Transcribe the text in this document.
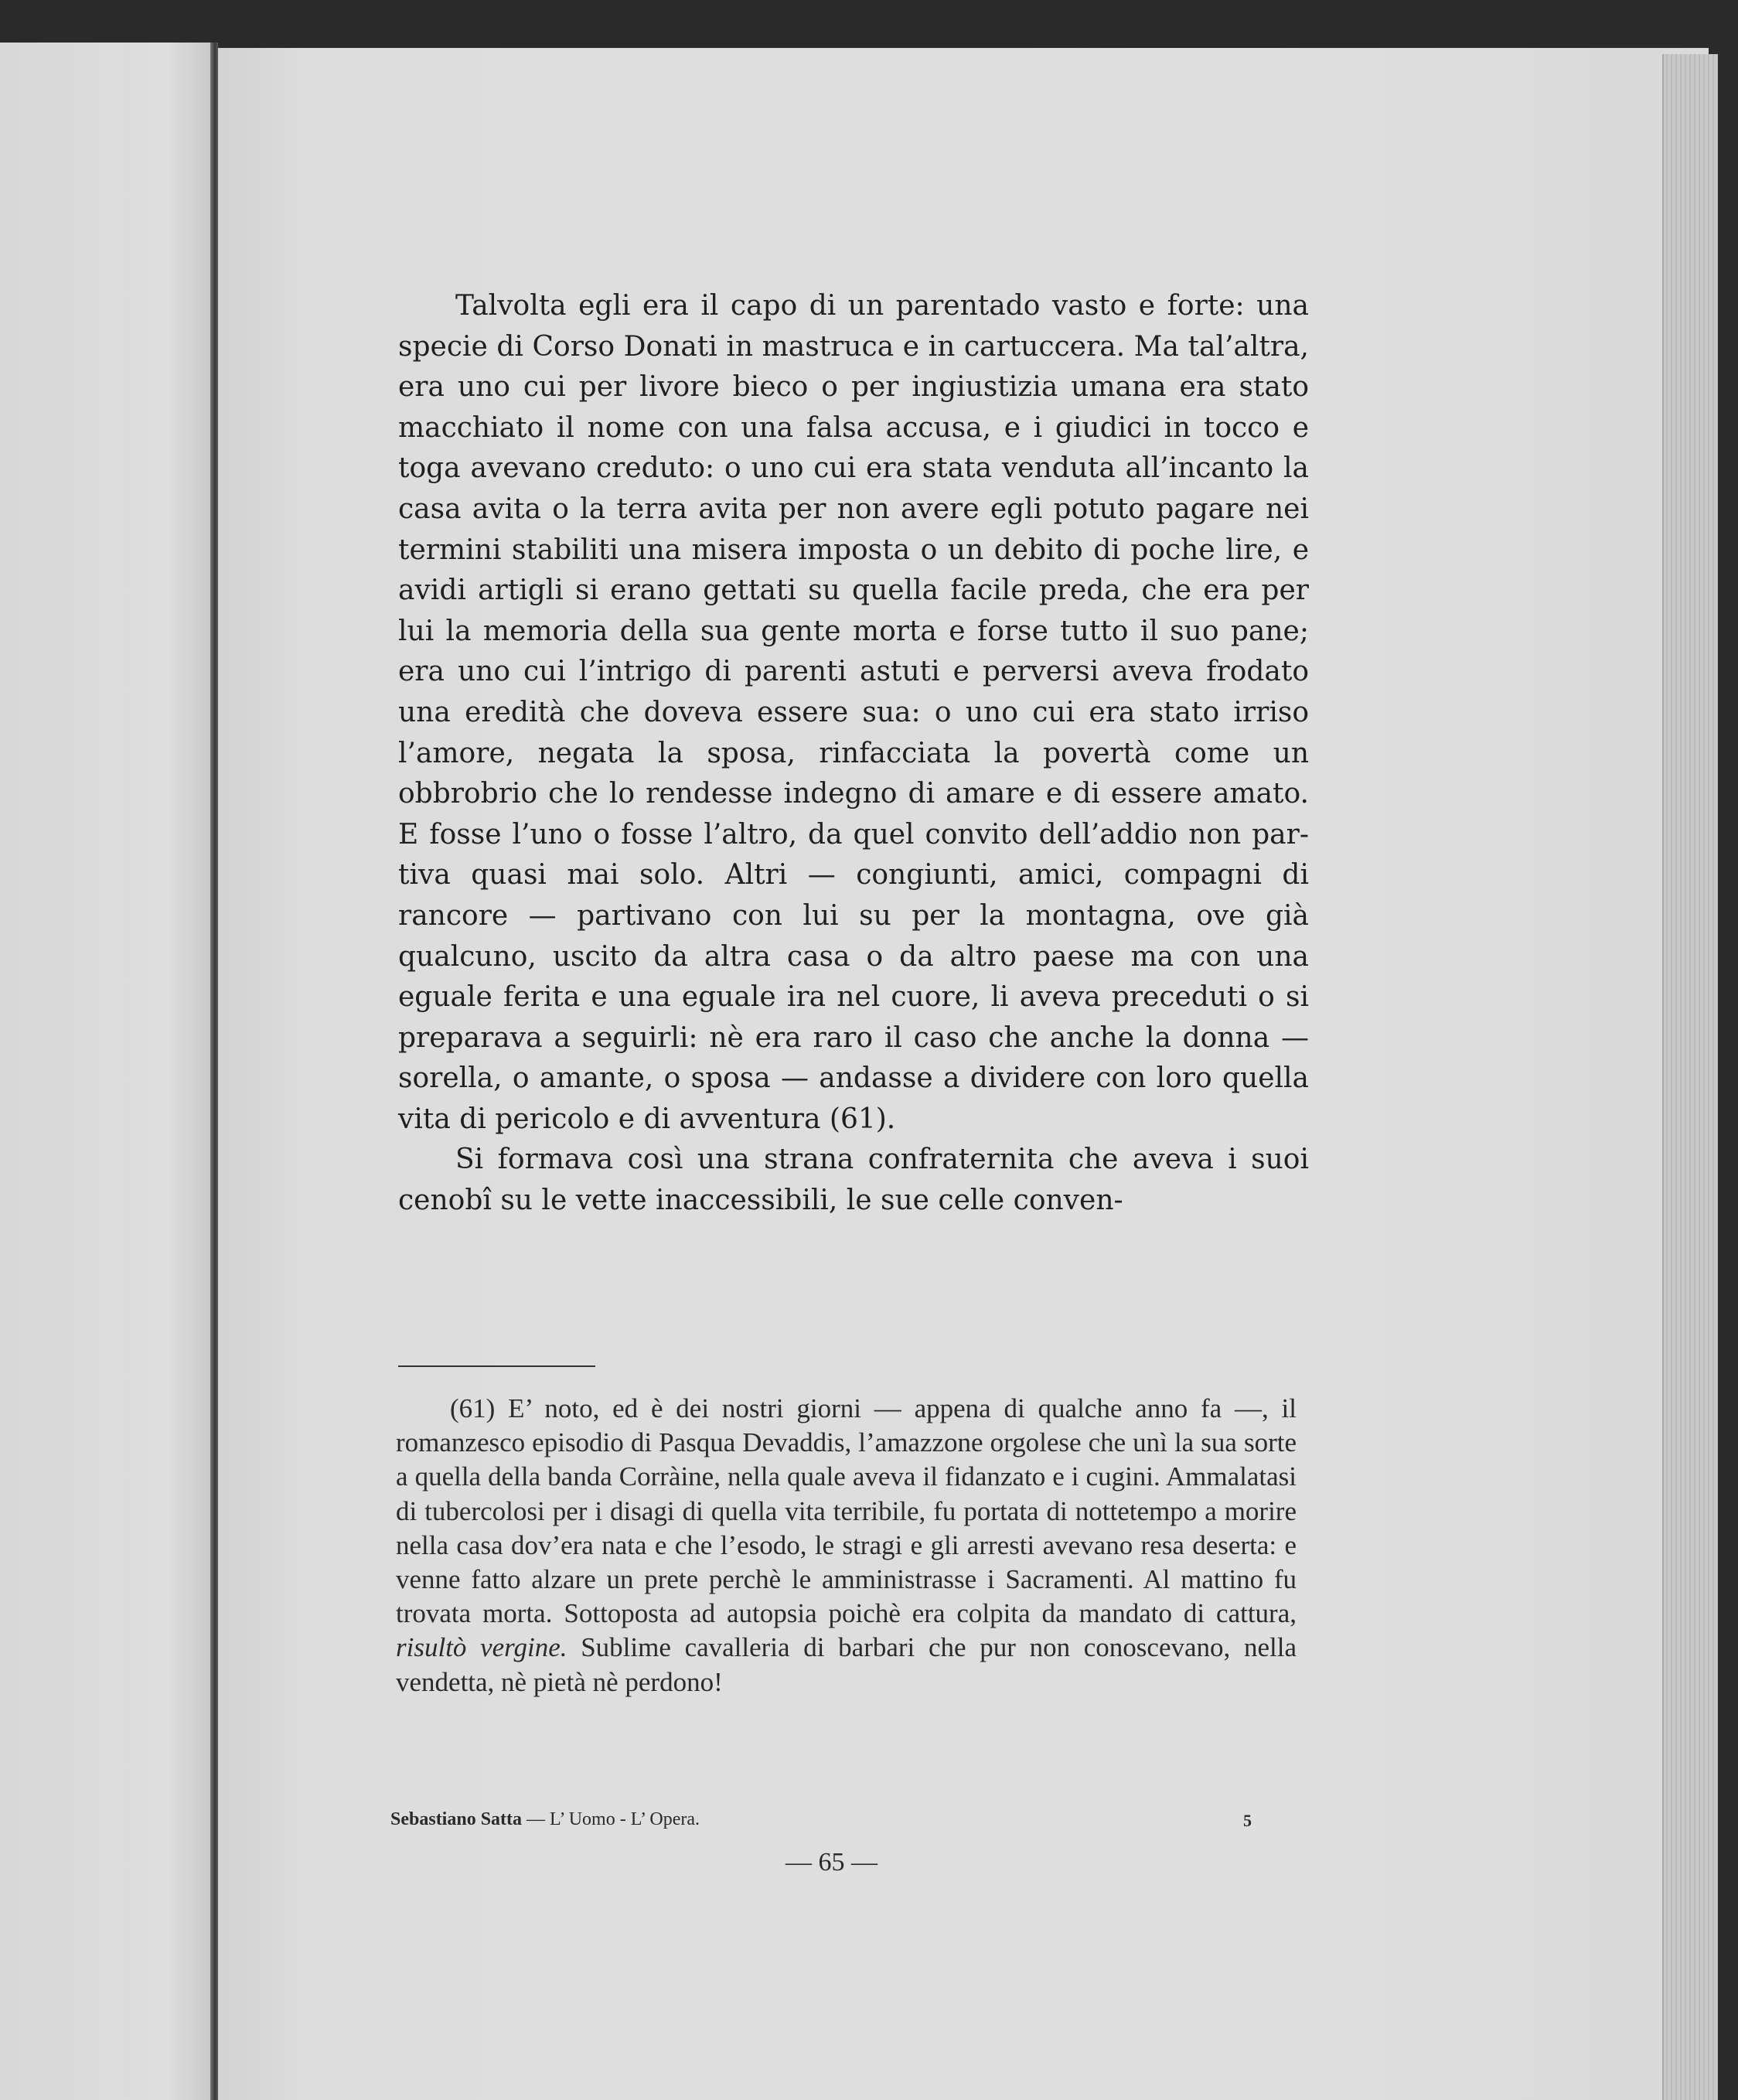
Talvolta egli era il capo di un parentado vasto e forte: una specie di Corso Donati in mastruca e in cartuccera. Ma tal’altra, era uno cui per livore bieco o per ingiustizia umana era stato macchiato il nome con una falsa accusa, e i giudici in tocco e toga avevano creduto: o uno cui era stata venduta all’incanto la casa avita o la terra avita per non avere egli potuto pagare nei termini stabiliti una misera imposta o un debito di poche lire, e avidi artigli si erano gettati su quella facile preda, che era per lui la memoria della sua gente morta e forse tutto il suo pane; era uno cui l’intrigo di parenti astuti e perversi aveva frodato una eredità che doveva essere sua: o uno cui era stato irriso l’amore, negata la sposa, rinfacciata la povertà come un obbrobrio che lo rendesse indegno di amare e di essere amato. E fosse l’uno o fosse l’altro, da quel convito dell’addio non partiva quasi mai solo. Altri — congiunti, amici, compagni di rancore — partivano con lui su per la montagna, ove già qualcuno, uscito da altra casa o da altro paese ma con una eguale ferita e una eguale ira nel cuore, li aveva preceduti o si preparava a seguirli: nè era raro il caso che anche la donna — sorella, o amante, o sposa — andasse a dividere con loro quella vita di pericolo e di avventura (61).

Si formava così una strana confraternita che aveva i suoi cenobî su le vette inaccessibili, le sue celle conven-

(61) E’ noto, ed è dei nostri giorni — appena di qualche anno fa —, il romanzesco episodio di Pasqua Devaddis, l’amazzone orgolese che unì la sua sorte a quella della banda Corràine, nella quale aveva il fidanzato e i cugini. Ammalatasi di tubercolosi per i disagi di quella vita terribile, fu portata di nottetempo a morire nella casa dov’era nata e che l’esodo, le stragi e gli arresti avevano resa deserta: e venne fatto alzare un prete perchè le amministrasse i Sacramenti. Al mattino fu trovata morta. Sottoposta ad autopsia poichè era colpita da mandato di cattura, risultò vergine. Sublime cavalleria di barbari che pur non conoscevano, nella vendetta, nè pietà nè perdono!

Sebastiano Satta — L’ Uomo - L’ Opera.	5
— 65 —
